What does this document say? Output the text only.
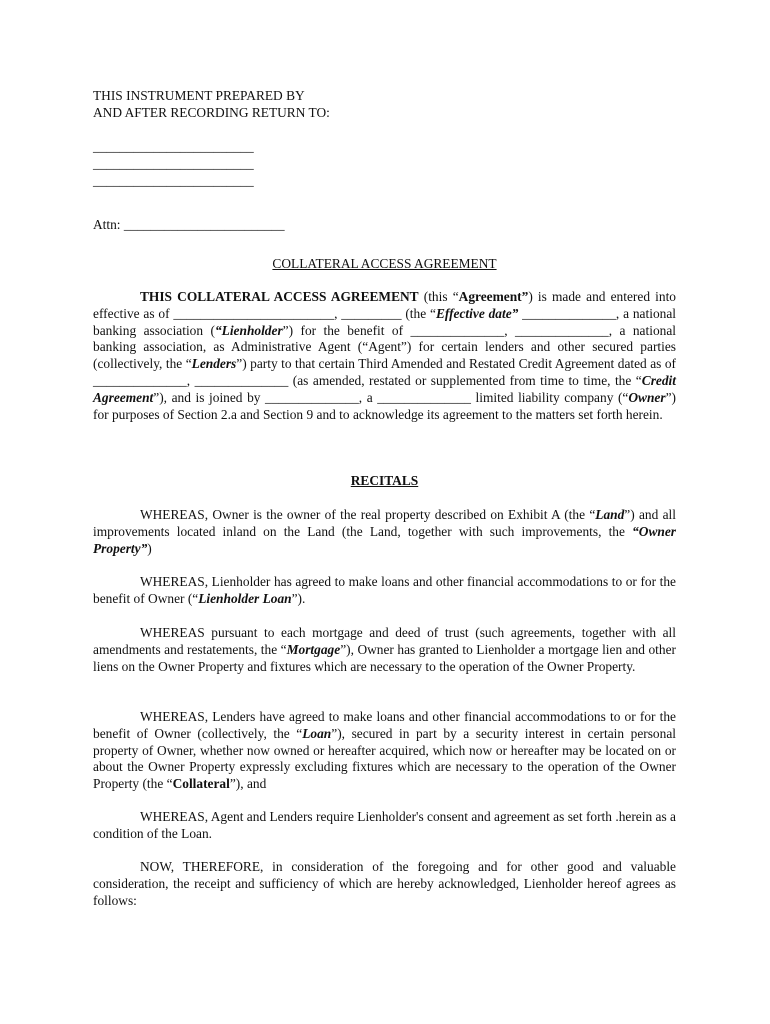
THIS INSTRUMENT PREPARED BY
AND AFTER RECORDING RETURN TO:
________________________
________________________
________________________
Attn: ________________________
COLLATERAL ACCESS AGREEMENT
THIS COLLATERAL ACCESS AGREEMENT (this “Agreement”) is made and entered into effective as of ________________________, _________ (the “Effective date” ______________, a national banking association (“Lienholder”) for the benefit of ______________, ______________, a national banking association, as Administrative Agent (“Agent”) for certain lenders and other secured parties (collectively, the “Lenders”) party to that certain Third Amended and Restated Credit Agreement dated as of ______________, ______________ (as amended, restated or supplemented from time to time, the “Credit Agreement”), and is joined by ______________, a ______________ limited liability company (“Owner”) for purposes of Section 2.a and Section 9 and to acknowledge its agreement to the matters set forth herein.
RECITALS
WHEREAS, Owner is the owner of the real property described on Exhibit A (the “Land”) and all improvements located inland on the Land (the Land, together with such improvements, the “Owner Property”)
WHEREAS, Lienholder has agreed to make loans and other financial accommodations to or for the benefit of Owner (“Lienholder Loan”).
WHEREAS pursuant to each mortgage and deed of trust (such agreements, together with all amendments and restatements, the “Mortgage”), Owner has granted to Lienholder a mortgage lien and other liens on the Owner Property and fixtures which are necessary to the operation of the Owner Property.
WHEREAS, Lenders have agreed to make loans and other financial accommodations to or for the benefit of Owner (collectively, the “Loan”), secured in part by a security interest in certain personal property of Owner, whether now owned or hereafter acquired, which now or hereafter may be located on or about the Owner Property expressly excluding fixtures which are necessary to the operation of the Owner Property (the “Collateral”), and
WHEREAS, Agent and Lenders require Lienholder's consent and agreement as set forth .herein as a condition of the Loan.
NOW, THEREFORE, in consideration of the foregoing and for other good and valuable consideration, the receipt and sufficiency of which are hereby acknowledged, Lienholder hereof agrees as follows:
